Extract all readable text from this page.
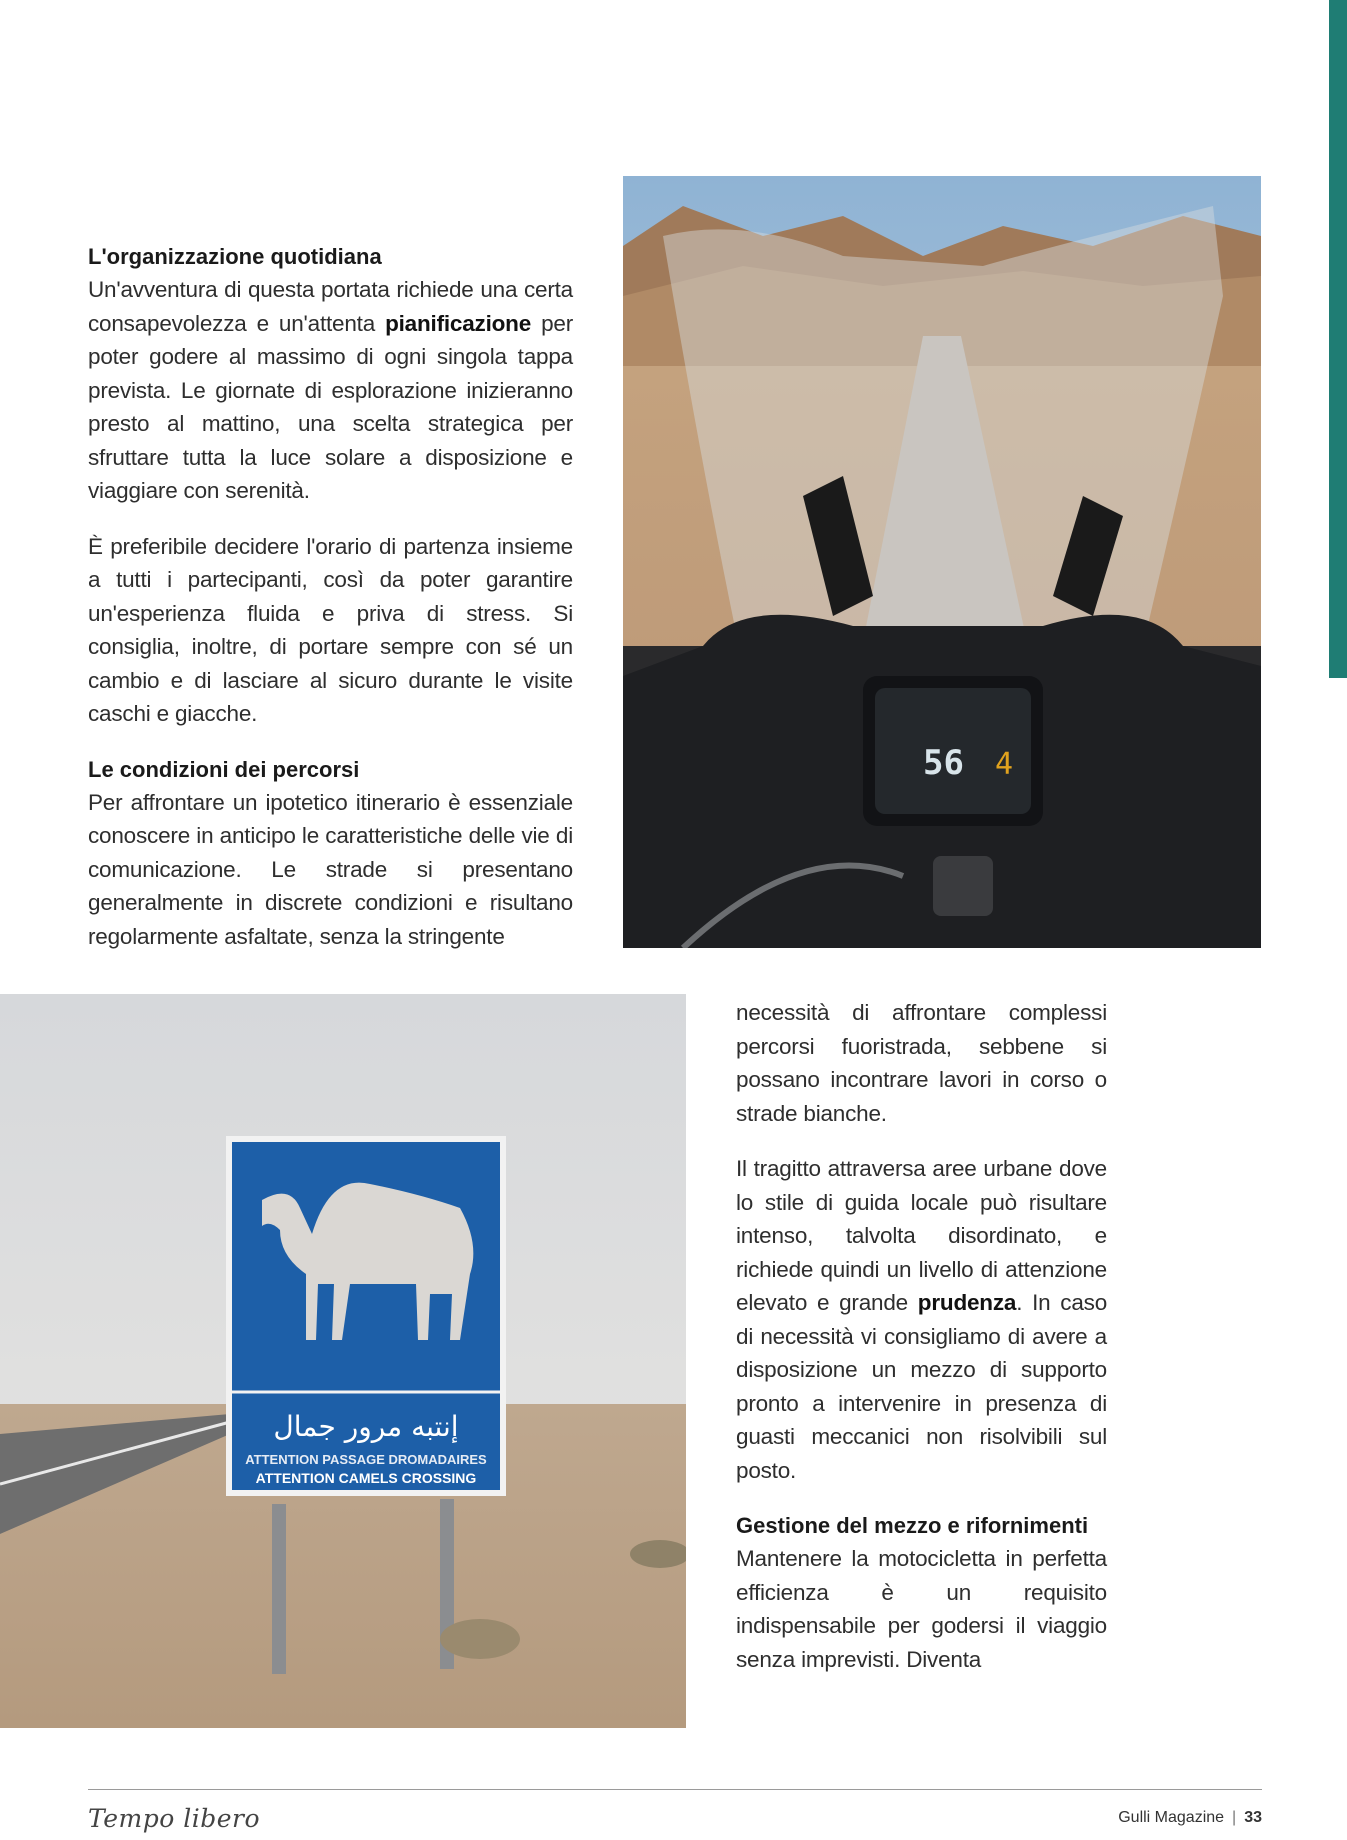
L'organizzazione quotidiana

Un'avventura di questa portata richiede una certa consapevolezza e un'attenta pianificazione per poter godere al massimo di ogni singola tappa prevista. Le giornate di esplorazione inizieranno presto al mattino, una scelta strategica per sfruttare tutta la luce solare a disposizione e viaggiare con serenità.

È preferibile decidere l'orario di partenza insieme a tutti i partecipanti, così da poter garantire un'esperienza fluida e priva di stress. Si consiglia, inoltre, di portare sempre con sé un cambio e di lasciare al sicuro durante le visite caschi e giacche.

Le condizioni dei percorsi

Per affrontare un ipotetico itinerario è essenziale conoscere in anticipo le caratteristiche delle vie di comunicazione. Le strade si presentano generalmente in discrete condizioni e risultano regolarmente asfaltate, senza la stringente

56 4
إنتبه مرور جمال
ATTENTION PASSAGE DROMADAIRES
ATTENTION CAMELS CROSSING

necessità di affrontare complessi percorsi fuoristrada, sebbene si possano incontrare lavori in corso o strade bianche.

Il tragitto attraversa aree urbane dove lo stile di guida locale può risultare intenso, talvolta disordinato, e richiede quindi un livello di attenzione elevato e grande prudenza. In caso di necessità vi consigliamo di avere a disposizione un mezzo di supporto pronto a intervenire in presenza di guasti meccanici non risolvibili sul posto.

Gestione del mezzo e rifornimenti

Mantenere la motocicletta in perfetta efficienza è un requisito indispensabile per godersi il viaggio senza imprevisti. Diventa

Tempo libero	Gulli Magazine | 33
